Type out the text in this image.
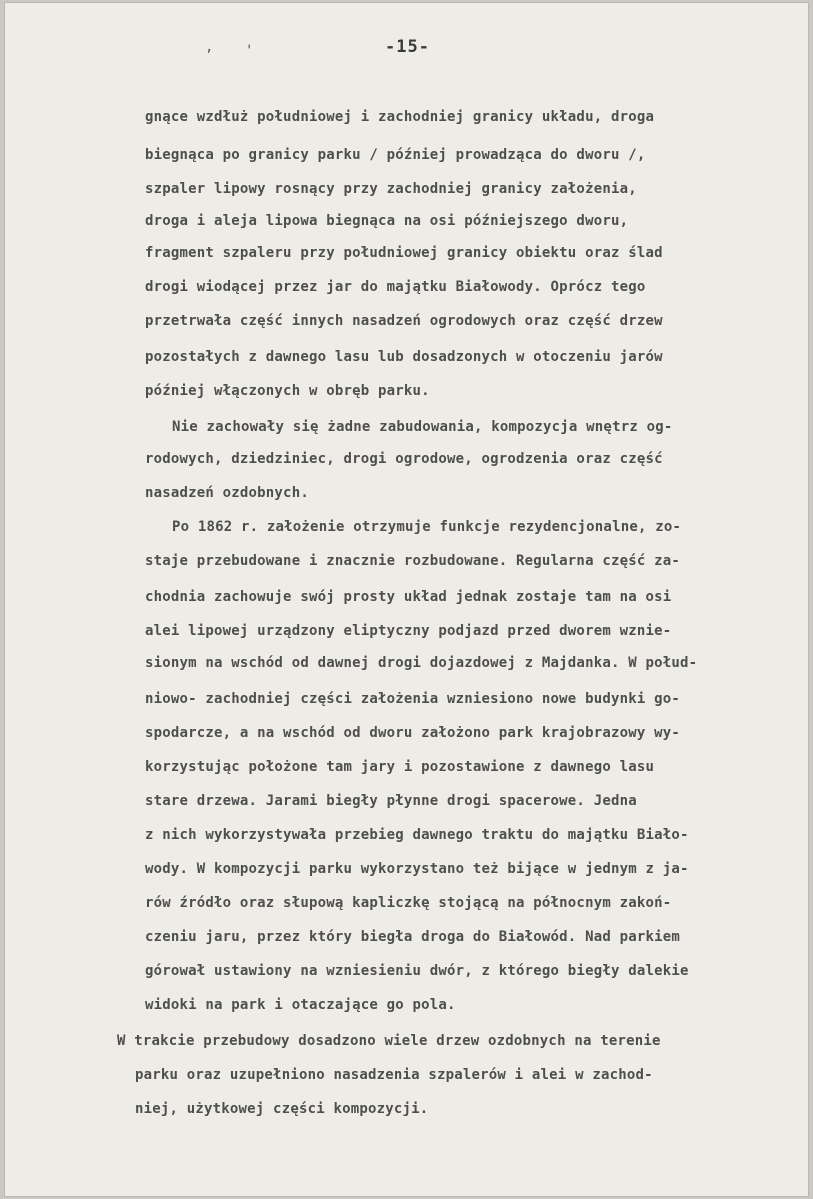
, '	-15-
gnące wzdłuż południowej i zachodniej granicy układu, droga
biegnąca po granicy parku / później prowadząca do dworu /,
szpaler lipowy rosnący przy zachodniej granicy założenia,
droga i aleja lipowa biegnąca na osi późniejszego dworu,
fragment szpaleru przy południowej granicy obiektu oraz ślad
drogi wiodącej przez jar do majątku Białowody. Oprócz tego
przetrwała część innych nasadzeń ogrodowych oraz część drzew
pozostałych z dawnego lasu lub dosadzonych w otoczeniu jarów
później włączonych w obręb parku.
Nie zachowały się żadne zabudowania, kompozycja wnętrz og-
rodowych, dziedziniec, drogi ogrodowe, ogrodzenia oraz część
nasadzeń ozdobnych.
Po 1862 r. założenie otrzymuje funkcje rezydencjonalne, zo-
staje przebudowane i znacznie rozbudowane. Regularna część za-
chodnia zachowuje swój prosty układ jednak zostaje tam na osi
alei lipowej urządzony eliptyczny podjazd przed dworem wznie-
sionym na wschód od dawnej drogi dojazdowej z Majdanka. W połud-
niowo- zachodniej części założenia wzniesiono nowe budynki go-
spodarcze, a na wschód od dworu założono park krajobrazowy wy-
korzystując położone tam jary i pozostawione z dawnego lasu
stare drzewa. Jarami biegły płynne drogi spacerowe. Jedna
z nich wykorzystywała przebieg dawnego traktu do majątku Biało-
wody. W kompozycji parku wykorzystano też bijące w jednym z ja-
rów źródło oraz słupową kapliczkę stojącą na północnym zakoń-
czeniu jaru, przez który biegła droga do Białowód. Nad parkiem
górował ustawiony na wzniesieniu dwór, z którego biegły dalekie
widoki na park i otaczające go pola.
W trakcie przebudowy dosadzono wiele drzew ozdobnych na terenie
parku oraz uzupełniono nasadzenia szpalerów i alei w zachod-
niej, użytkowej części kompozycji.
